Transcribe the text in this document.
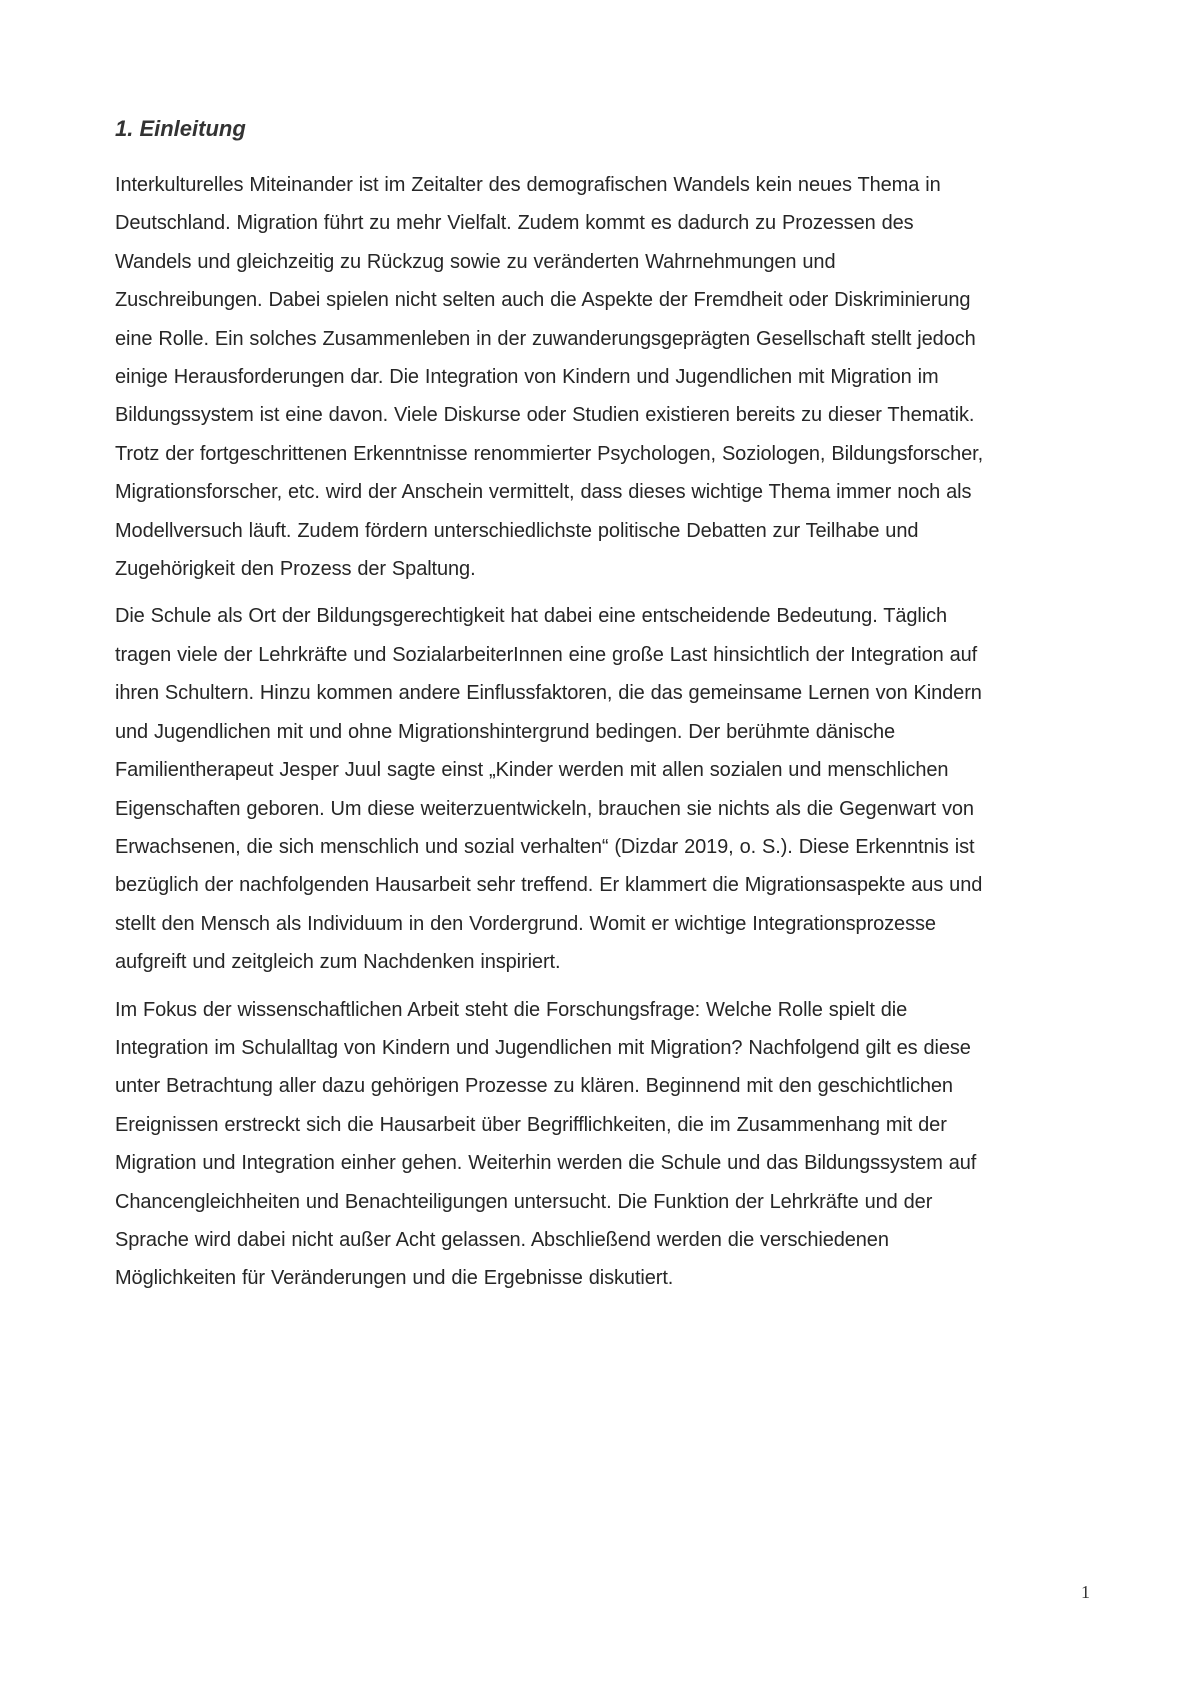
1. Einleitung
Interkulturelles Miteinander ist im Zeitalter des demografischen Wandels kein neues Thema in
Deutschland. Migration führt zu mehr Vielfalt. Zudem kommt es dadurch zu Prozessen des
Wandels und gleichzeitig zu Rückzug sowie zu veränderten Wahrnehmungen und
Zuschreibungen. Dabei spielen nicht selten auch die Aspekte der Fremdheit oder Diskriminierung
eine Rolle. Ein solches Zusammenleben in der zuwanderungsgeprägten Gesellschaft stellt jedoch
einige Herausforderungen dar. Die Integration von Kindern und Jugendlichen mit Migration im
Bildungssystem ist eine davon. Viele Diskurse oder Studien existieren bereits zu dieser Thematik.
Trotz der fortgeschrittenen Erkenntnisse renommierter Psychologen, Soziologen, Bildungsforscher,
Migrationsforscher, etc. wird der Anschein vermittelt, dass dieses wichtige Thema immer noch als
Modellversuch läuft. Zudem fördern unterschiedlichste politische Debatten zur Teilhabe und
Zugehörigkeit den Prozess der Spaltung.
Die Schule als Ort der Bildungsgerechtigkeit hat dabei eine entscheidende Bedeutung. Täglich
tragen viele der Lehrkräfte und SozialarbeiterInnen eine große Last hinsichtlich der Integration auf
ihren Schultern. Hinzu kommen andere Einflussfaktoren, die das gemeinsame Lernen von Kindern
und Jugendlichen mit und ohne Migrationshintergrund bedingen. Der berühmte dänische
Familientherapeut Jesper Juul sagte einst „Kinder werden mit allen sozialen und menschlichen
Eigenschaften geboren. Um diese weiterzuentwickeln, brauchen sie nichts als die Gegenwart von
Erwachsenen, die sich menschlich und sozial verhalten“ (Dizdar 2019, o. S.). Diese Erkenntnis ist
bezüglich der nachfolgenden Hausarbeit sehr treffend. Er klammert die Migrationsaspekte aus und
stellt den Mensch als Individuum in den Vordergrund. Womit er wichtige Integrationsprozesse
aufgreift und zeitgleich zum Nachdenken inspiriert.
Im Fokus der wissenschaftlichen Arbeit steht die Forschungsfrage: Welche Rolle spielt die
Integration im Schulalltag von Kindern und Jugendlichen mit Migration? Nachfolgend gilt es diese
unter Betrachtung aller dazu gehörigen Prozesse zu klären. Beginnend mit den geschichtlichen
Ereignissen erstreckt sich die Hausarbeit über Begrifflichkeiten, die im Zusammenhang mit der
Migration und Integration einher gehen. Weiterhin werden die Schule und das Bildungssystem auf
Chancengleichheiten und Benachteiligungen untersucht. Die Funktion der Lehrkräfte und der
Sprache wird dabei nicht außer Acht gelassen. Abschließend werden die verschiedenen
Möglichkeiten für Veränderungen und die Ergebnisse diskutiert.
1
